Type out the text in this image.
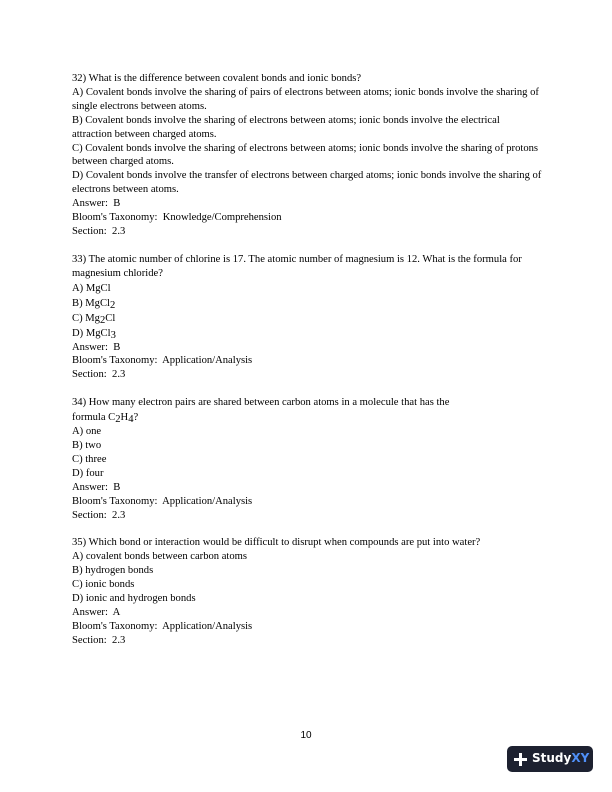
32) What is the difference between covalent bonds and ionic bonds?
A) Covalent bonds involve the sharing of pairs of electrons between atoms; ionic bonds involve the sharing of single electrons between atoms.
B) Covalent bonds involve the sharing of electrons between atoms; ionic bonds involve the electrical attraction between charged atoms.
C) Covalent bonds involve the sharing of electrons between atoms; ionic bonds involve the sharing of protons between charged atoms.
D) Covalent bonds involve the transfer of electrons between charged atoms; ionic bonds involve the sharing of electrons between atoms.
Answer:  B
Bloom's Taxonomy:  Knowledge/Comprehension
Section:  2.3
33) The atomic number of chlorine is 17. The atomic number of magnesium is 12. What is the formula for magnesium chloride?
A) MgCl
B) MgCl2
C) Mg2Cl
D) MgCl3
Answer:  B
Bloom's Taxonomy:  Application/Analysis
Section:  2.3
34) How many electron pairs are shared between carbon atoms in a molecule that has the
formula C2H4?
A) one
B) two
C) three
D) four
Answer:  B
Bloom's Taxonomy:  Application/Analysis
Section:  2.3
35) Which bond or interaction would be difficult to disrupt when compounds are put into water?
A) covalent bonds between carbon atoms
B) hydrogen bonds
C) ionic bonds
D) ionic and hydrogen bonds
Answer:  A
Bloom's Taxonomy:  Application/Analysis
Section:  2.3
10
Study XY
